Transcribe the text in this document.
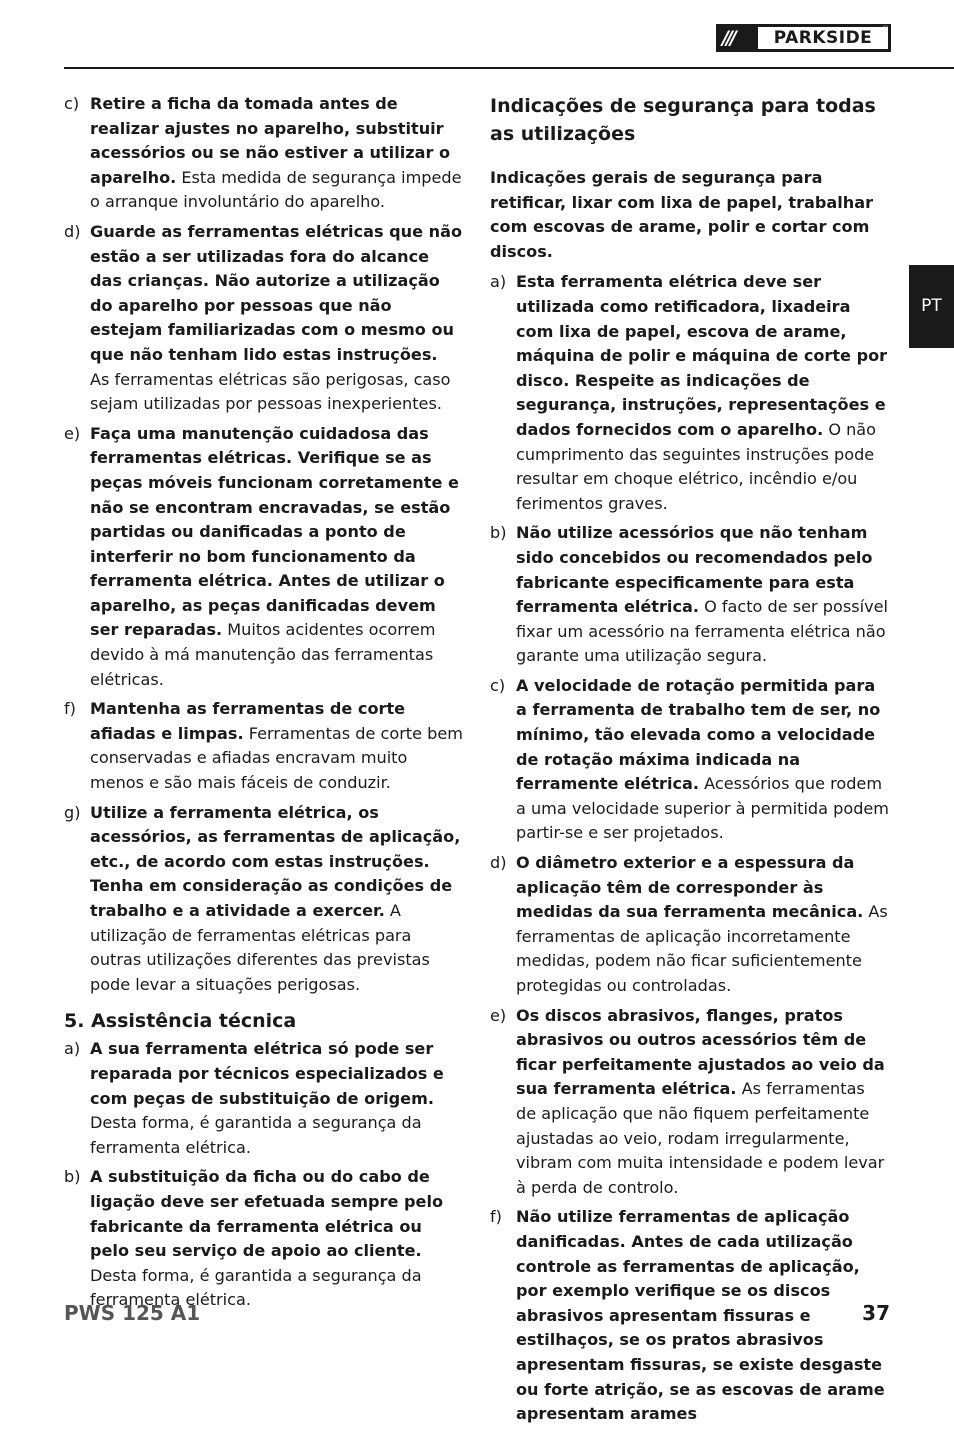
///	PARKSIDE	®
PT
c) Retire a ficha da tomada antes de realizar ajustes no aparelho, substituir acessórios ou se não estiver a utilizar o aparelho. Esta medida de segurança impede o arranque involuntário do aparelho.
d) Guarde as ferramentas elétricas que não estão a ser utilizadas fora do alcance das crianças. Não autorize a utilização do aparelho por pessoas que não estejam familiarizadas com o mesmo ou que não tenham lido estas instruções.
As ferramentas elétricas são perigosas, caso sejam utilizadas por pessoas inexperientes.
e) Faça uma manutenção cuidadosa das ferramentas elétricas. Verifique se as peças móveis funcionam corretamente e não se encontram encravadas, se estão partidas ou danificadas a ponto de interferir no bom funcionamento da ferramenta elétrica. Antes de utilizar o aparelho, as peças danificadas devem ser reparadas. Muitos acidentes ocorrem devido à má manutenção das ferramentas elétricas.
f) Mantenha as ferramentas de corte afiadas e limpas. Ferramentas de corte bem conservadas e afiadas encravam muito menos e são mais fáceis de conduzir.
g) Utilize a ferramenta elétrica, os acessórios, as ferramentas de aplicação, etc., de acordo com estas instruções. Tenha em consideração as condições de trabalho e a atividade a exercer. A utilização de ferramentas elétricas para outras utilizações diferentes das previstas pode levar a situações perigosas.
5. Assistência técnica
a) A sua ferramenta elétrica só pode ser reparada por técnicos especializados e com peças de substituição de origem. Desta forma, é garantida a segurança da ferramenta elétrica.
b) A substituição da ficha ou do cabo de ligação deve ser efetuada sempre pelo fabricante da ferramenta elétrica ou pelo seu serviço de apoio ao cliente. Desta forma, é garantida a segurança da ferramenta elétrica.
Indicações de segurança para todas as utilizações
Indicações gerais de segurança para retificar, lixar com lixa de papel, trabalhar com escovas de arame, polir e cortar com discos.
a) Esta ferramenta elétrica deve ser utilizada como retificadora, lixadeira com lixa de papel, escova de arame, máquina de polir e máquina de corte por disco. Respeite as indicações de segurança, instruções, representações e dados fornecidos com o aparelho. O não cumprimento das seguintes instruções pode resultar em choque elétrico, incêndio e/ou ferimentos graves.
b) Não utilize acessórios que não tenham sido concebidos ou recomendados pelo fabricante especificamente para esta ferramenta elétrica. O facto de ser possível fixar um acessório na ferramenta elétrica não garante uma utilização segura.
c) A velocidade de rotação permitida para a ferramenta de trabalho tem de ser, no mínimo, tão elevada como a velocidade de rotação máxima indicada na ferramente elétrica. Acessórios que rodem a uma velocidade superior à permitida podem partir-se e ser projetados.
d) O diâmetro exterior e a espessura da aplicação têm de corresponder às medidas da sua ferramenta mecânica. As ferramentas de aplicação incorretamente medidas, podem não ficar suficientemente protegidas ou controladas.
e) Os discos abrasivos, flanges, pratos abrasivos ou outros acessórios têm de ficar perfeitamente ajustados ao veio da sua ferramenta elétrica. As ferramentas de aplicação que não fiquem perfeitamente ajustadas ao veio, rodam irregularmente, vibram com muita intensidade e podem levar à perda de controlo.
f) Não utilize ferramentas de aplicação danificadas. Antes de cada utilização controle as ferramentas de aplicação, por exemplo verifique se os discos abrasivos apresentam fissuras e estilhaços, se os pratos abrasivos apresentam fissuras, se existe desgaste ou forte atrição, se as escovas de arame apresentam arames
PWS 125 A1	37
